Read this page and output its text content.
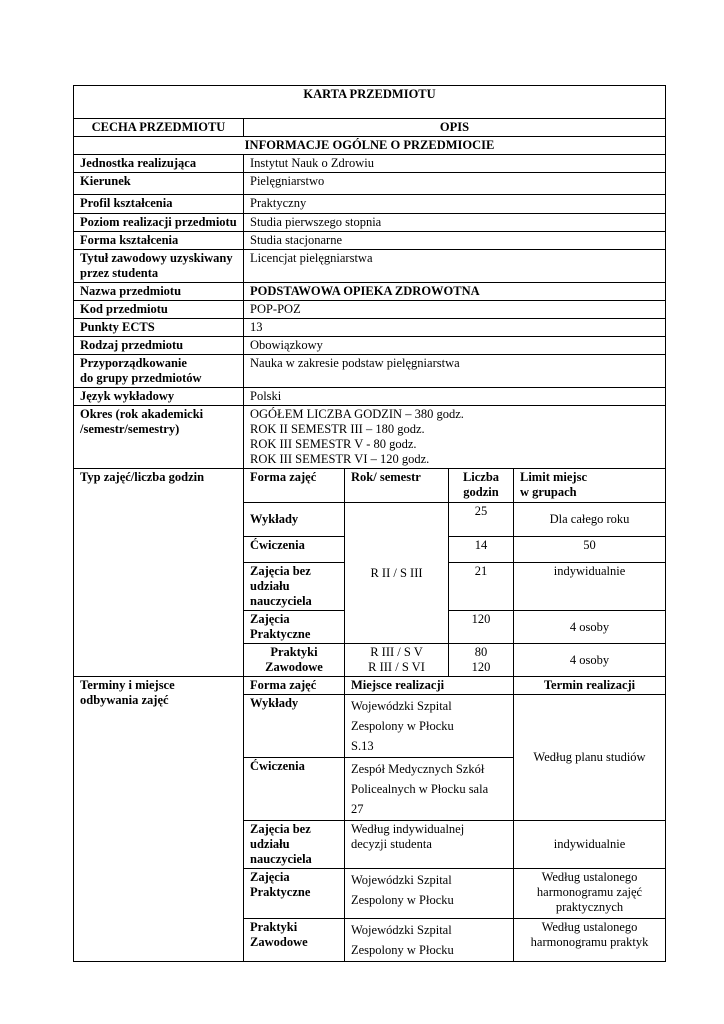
KARTA PRZEDMIOTU				
CECHA PRZEDMIOTU	OPIS			
INFORMACJE OGÓLNE O PRZEDMIOCIE				
Jednostka realizująca	Instytut Nauk o Zdrowiu			
Kierunek	Pielęgniarstwo			
Profil kształcenia	Praktyczny			
Poziom realizacji przedmiotu	Studia pierwszego stopnia			
Forma kształcenia	Studia stacjonarne			
Tytuł zawodowy uzyskiwany przez studenta	Licencjat pielęgniarstwa			
Nazwa przedmiotu	PODSTAWOWA OPIEKA ZDROWOTNA			
Kod przedmiotu	POP-POZ			
Punkty ECTS	13			
Rodzaj przedmiotu	Obowiązkowy			
Przyporządkowanie
do grupy przedmiotów	Nauka w zakresie podstaw pielęgniarstwa			
Język wykładowy	Polski			
Okres (rok akademicki
/semestr/semestry)	OGÓŁEM LICZBA GODZIN – 380 godz.
ROK II SEMESTR III – 180 godz.
ROK III SEMESTR V - 80 godz.
ROK III SEMESTR VI – 120 godz.			
Typ zajęć/liczba godzin	Forma zajęć	Rok/ semestr	Liczba
godzin	Limit miejsc
w grupach
	Wykłady	R II / S III	25	Dla całego roku
	Ćwiczenia		14	50
	Zajęcia bez
udziału
nauczyciela		21	indywidualnie
	Zajęcia
Praktyczne		120	4 osoby
	Praktyki
Zawodowe	R III / S V
R III / S VI	80
120	4 osoby
Terminy i miejsce
odbywania zajęć	Forma zajęć	Miejsce realizacji		Termin realizacji
	Wykłady	Wojewódzki Szpital
Zespolony w Płocku
S.13		Według planu studiów
	Ćwiczenia	Zespół Medycznych Szkół
Policealnych w Płocku sala
27		
	Zajęcia bez
udziału
nauczyciela	Według indywidualnej
decyzji studenta		indywidualnie
	Zajęcia
Praktyczne	Wojewódzki Szpital
Zespolony w Płocku		Według ustalonego
harmonogramu zajęć
praktycznych
	Praktyki
Zawodowe	Wojewódzki Szpital
Zespolony w Płocku		Według ustalonego
harmonogramu praktyk
